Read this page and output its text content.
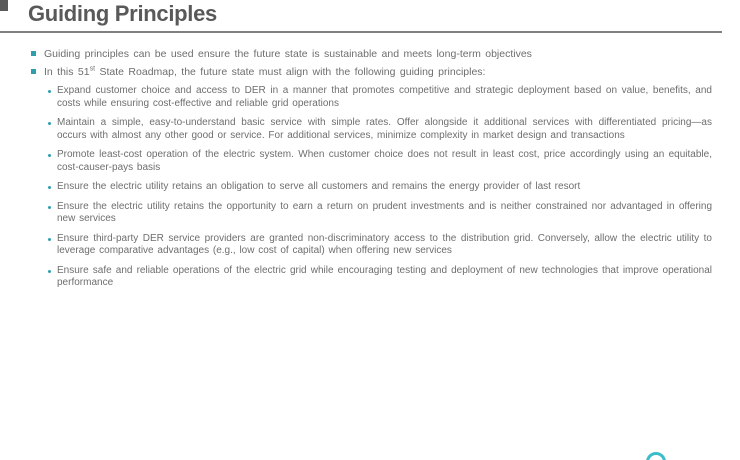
Guiding Principles
Guiding principles can be used ensure the future state is sustainable and meets long-term objectives
In this 51st State Roadmap, the future state must align with the following guiding principles:
Expand customer choice and access to DER in a manner that promotes competitive and strategic deployment based on value, benefits, and costs while ensuring cost-effective and reliable grid operations
Maintain a simple, easy-to-understand basic service with simple rates. Offer alongside it additional services with differentiated pricing—as occurs with almost any other good or service. For additional services, minimize complexity in market design and transactions
Promote least-cost operation of the electric system. When customer choice does not result in least cost, price accordingly using an equitable, cost-causer-pays basis
Ensure the electric utility retains an obligation to serve all customers and remains the energy provider of last resort
Ensure the electric utility retains the opportunity to earn a return on prudent investments and is neither constrained nor advantaged in offering new services
Ensure third-party DER service providers are granted non-discriminatory access to the distribution grid. Conversely, allow the electric utility to leverage comparative advantages (e.g., low cost of capital) when offering new services
Ensure safe and reliable operations of the electric grid while encouraging testing and deployment of new technologies that improve operational performance
